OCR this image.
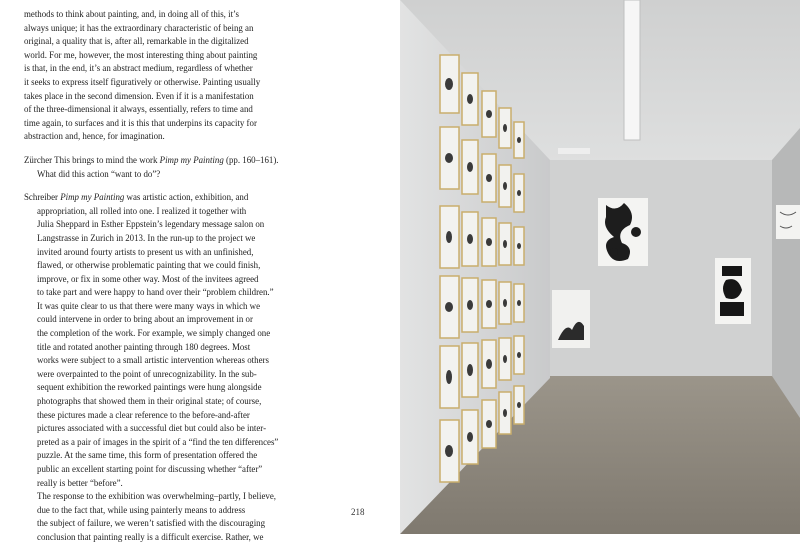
methods to think about painting, and, in doing all of this, it’s

always unique; it has the extraordinary characteristic of being an

original, a quality that is, after all, remarkable in the digitalized

world. For me, however, the most interesting thing about painting

is that, in the end, it’s an abstract medium, regardless of whether

it seeks to express itself figuratively or otherwise. Painting usually

takes place in the second dimension. Even if it is a manifestation

of the three-dimensional it always, essentially, refers to time and

time again, to surfaces and it is this that underpins its capacity for

abstraction and, hence, for imagination.

Zürcher This brings to mind the work Pimp my Painting (pp. 160–161).

What did this action “want to do”?

Schreiber Pimp my Painting was artistic action, exhibition, and

appropriation, all rolled into one. I realized it together with

Julia Sheppard in Esther Eppstein’s legendary message salon on

Langstrasse in Zurich in 2013. In the run-up to the project we

invited around fourty artists to present us with an unfinished,

flawed, or otherwise problematic painting that we could finish,

improve, or fix in some other way. Most of the invitees agreed

to take part and were happy to hand over their “problem children.”

It was quite clear to us that there were many ways in which we

could intervene in order to bring about an improvement in or

the completion of the work. For example, we simply changed one

title and rotated another painting through 180 degrees. Most

works were subject to a small artistic intervention whereas others

were overpainted to the point of unrecognizability. In the sub-

sequent exhibition the reworked paintings were hung alongside

photographs that showed them in their original state; of course,

these pictures made a clear reference to the before-and-after

pictures associated with a successful diet but could also be inter-

preted as a pair of images in the spirit of a “find the ten differences”

puzzle. At the same time, this form of presentation offered the

public an excellent starting point for discussing whether “after”

really is better “before”.

The response to the exhibition was overwhelming–partly, I believe,

due to the fact that, while using painterly means to address

the subject of failure, we weren’t satisfied with the discouraging

conclusion that painting really is a difficult exercise. Rather, we

218
